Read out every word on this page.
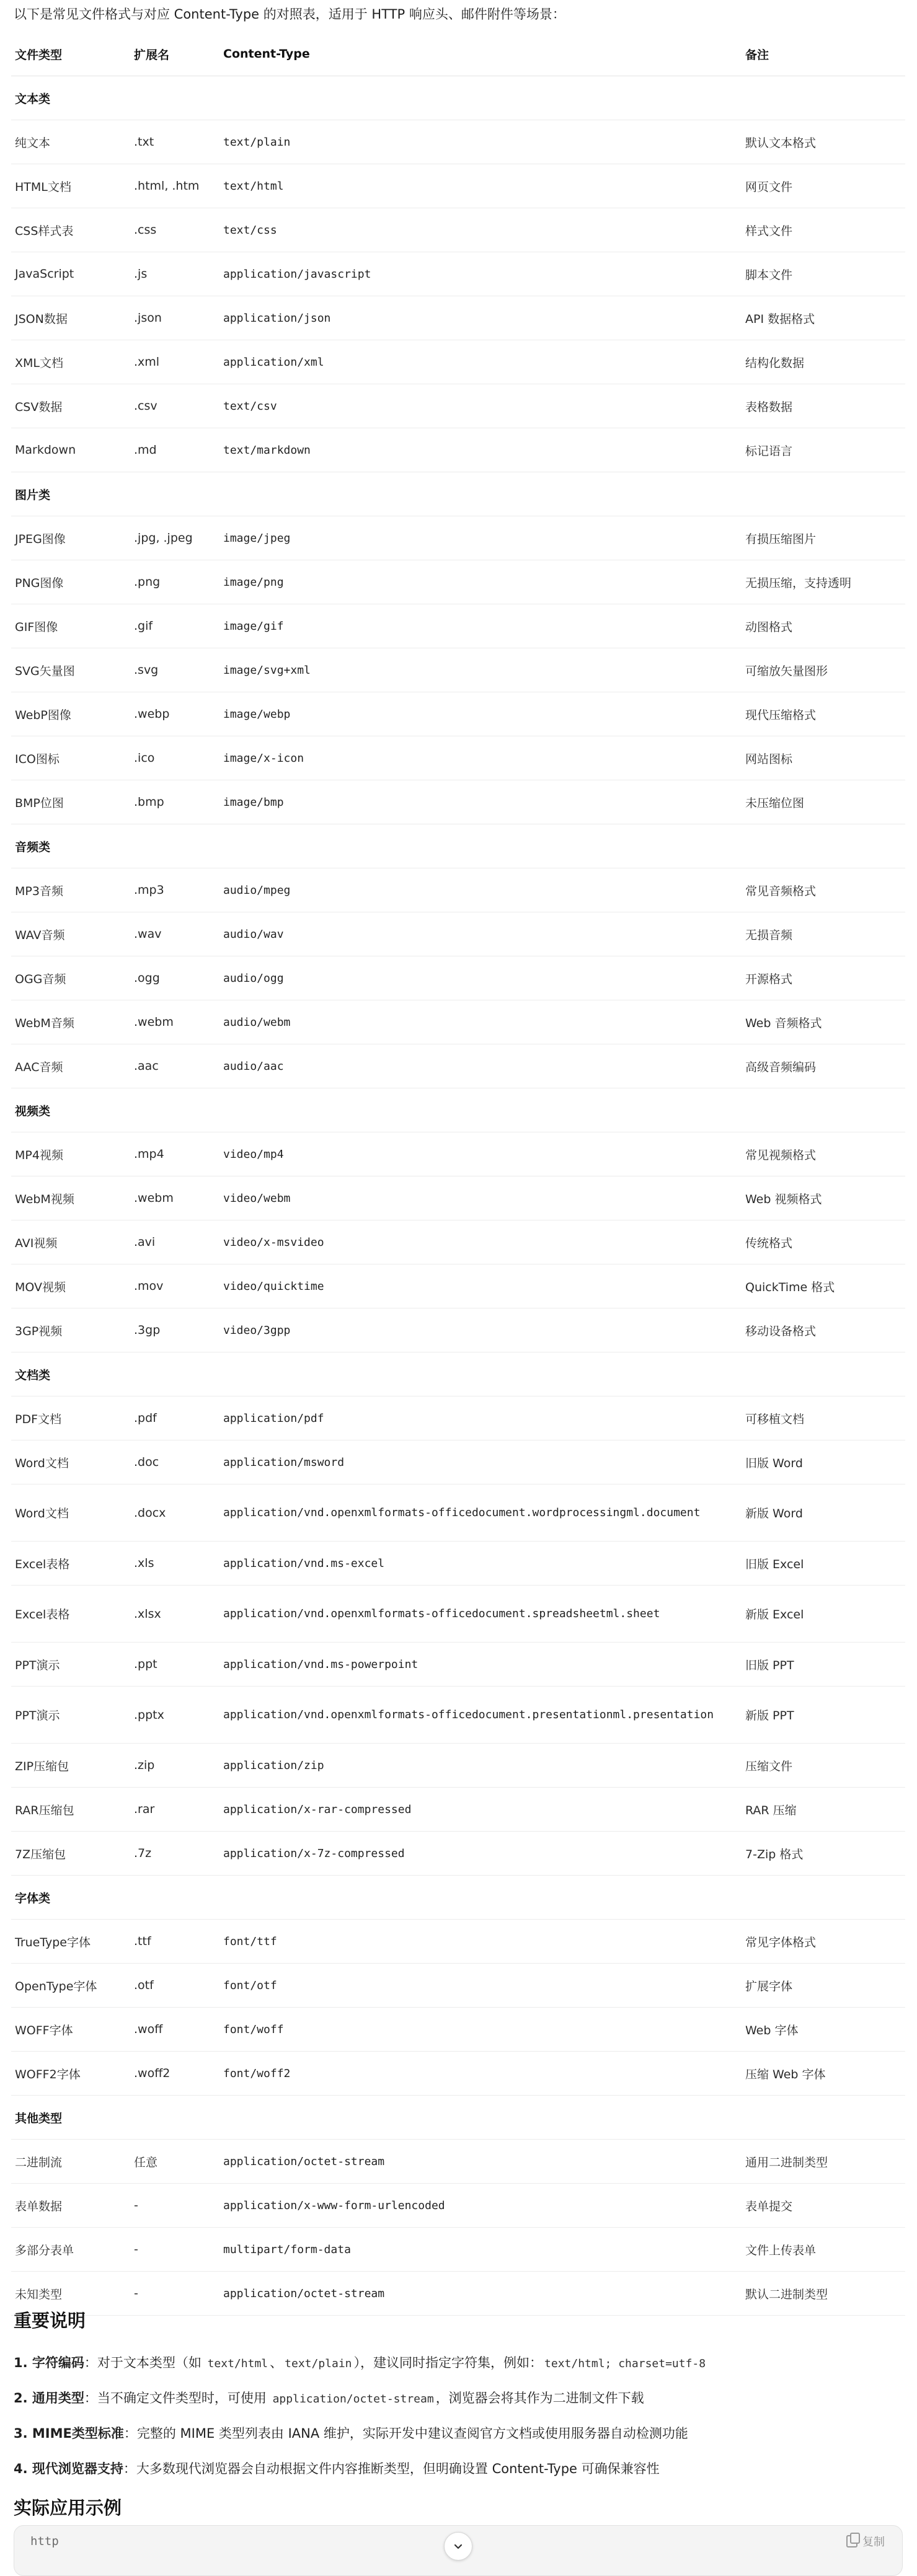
以下是常见文件格式与对应 Content-Type 的对照表，适用于 HTTP 响应头、邮件附件等场景：
文件类型	扩展名	Content-Type	备注
文本类			
纯文本	.txt	text/plain	默认文本格式
HTML文档	.html, .htm	text/html	网页文件
CSS样式表	.css	text/css	样式文件
JavaScript	.js	application/javascript	脚本文件
JSON数据	.json	application/json	API 数据格式
XML文档	.xml	application/xml	结构化数据
CSV数据	.csv	text/csv	表格数据
Markdown	.md	text/markdown	标记语言
图片类			
JPEG图像	.jpg, .jpeg	image/jpeg	有损压缩图片
PNG图像	.png	image/png	无损压缩，支持透明
GIF图像	.gif	image/gif	动图格式
SVG矢量图	.svg	image/svg+xml	可缩放矢量图形
WebP图像	.webp	image/webp	现代压缩格式
ICO图标	.ico	image/x-icon	网站图标
BMP位图	.bmp	image/bmp	未压缩位图
音频类			
MP3音频	.mp3	audio/mpeg	常见音频格式
WAV音频	.wav	audio/wav	无损音频
OGG音频	.ogg	audio/ogg	开源格式
WebM音频	.webm	audio/webm	Web 音频格式
AAC音频	.aac	audio/aac	高级音频编码
视频类			
MP4视频	.mp4	video/mp4	常见视频格式
WebM视频	.webm	video/webm	Web 视频格式
AVI视频	.avi	video/x-msvideo	传统格式
MOV视频	.mov	video/quicktime	QuickTime 格式
3GP视频	.3gp	video/3gpp	移动设备格式
文档类			
PDF文档	.pdf	application/pdf	可移植文档
Word文档	.doc	application/msword	旧版 Word
Word文档	.docx	application/vnd.openxmlformats-officedocument.wordprocessingml.document	新版 Word
Excel表格	.xls	application/vnd.ms-excel	旧版 Excel
Excel表格	.xlsx	application/vnd.openxmlformats-officedocument.spreadsheetml.sheet	新版 Excel
PPT演示	.ppt	application/vnd.ms-powerpoint	旧版 PPT
PPT演示	.pptx	application/vnd.openxmlformats-officedocument.presentationml.presentation	新版 PPT
ZIP压缩包	.zip	application/zip	压缩文件
RAR压缩包	.rar	application/x-rar-compressed	RAR 压缩
7Z压缩包	.7z	application/x-7z-compressed	7-Zip 格式
字体类			
TrueType字体	.ttf	font/ttf	常见字体格式
OpenType字体	.otf	font/otf	扩展字体
WOFF字体	.woff	font/woff	Web 字体
WOFF2字体	.woff2	font/woff2	压缩 Web 字体
其他类型			
二进制流	任意	application/octet-stream	通用二进制类型
表单数据	-	application/x-www-form-urlencoded	表单提交
多部分表单	-	multipart/form-data	文件上传表单
未知类型	-	application/octet-stream	默认二进制类型
重要说明
1. 字符编码：对于文本类型（如 text/html 、 text/plain ），建议同时指定字符集，例如： text/html; charset=utf-8
2. 通用类型：当不确定文件类型时，可使用 application/octet-stream ，浏览器会将其作为二进制文件下载
3. MIME类型标准：完整的 MIME 类型列表由 IANA 维护，实际开发中建议查阅官方文档或使用服务器自动检测功能
4. 现代浏览器支持：大多数现代浏览器会自动根据文件内容推断类型，但明确设置 Content-Type 可确保兼容性
实际应用示例
http	复制
